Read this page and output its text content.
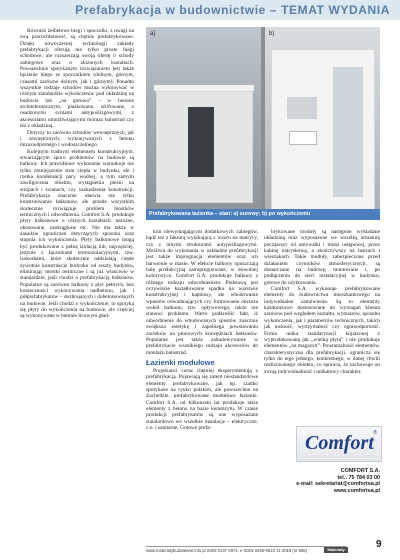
Prefabrykacja w budownictwie – TEMAT WYDANIA

Również żelbetowe biegi i spoczniki, z uwagi na swą pracochłonność, są chętnie prefabrykowane. Dzięki nowoczesnej technologii zakłady prefabrykacji oferują nie tylko proste biegi schodowe, ale rozszerzają swoją ofertę o schody zabiegowe oraz o złożonych kształtach. Powszechnie spotykanym rozwiązaniem jest także łączenie biegu ze spocznikiem (dolnym, górnym, czasami zarówno dolnym, jak i górnym). Ponadto wszystkie rodzaje schodów można wykonywać w różnym standardzie wykończenia: pod okładzinę na budowie lub „na gotowo” – w betonie architektonicznym, piaskowane, szlifowane, z osadzonymi syntami antypoślizgowymi, z akcesoriami umożliwiającymi montaż balustrad czy też z okładziną.

Dotyczy to zarówno schodów wewnętrznych, jak i zewnętrznych, wykonywanych z betonu mrozoodpornego i wodoszczelnego.

Kolejnym tradnym elementem konstrukcyjnym, stwarzającym sporo problemów na budowie są balkony. Ich prawidłowe wykonanie warunkuje nie tylko zmniejszenie strat ciepła w budynku, ale i rzetka kondensacji pary wodnej, a tym samym zawilgocenia obiektu, wystąpienia pleśni na stropach i ścianach, czy uszkodzenia konstrukcji. Prefabrykacja znacznie ułatwia nie tylko konstruowanie balkonów, ale przede wszystkim skutecznie rozwiązuje problem mostków termicznych i odwodnienia. Comfort S.A. produkuje płyty balkonowe o różnych kształtach: narożne, ukosowane, zaokrąglone etc. Nie ma także w zasadzie ograniczeń dotyczących sposobu oraz stopnia ich wykończenia. Płyty balkonowe mogą być produkowane z pełną izolacją lub, najczęściej, jedynie z łącznikami termoizolacyjnymi, tzw. isokorbami, które skutecznie oddzielają ciepłe żywotnie konstrukcje budynku od reszty budynku, eliminując mostki termiczne i są już właściwie w standardzie, jeśli chodzi o prefabrykację balkonów. Popularne są zarówno balkony z płyt pełnych, bez konieczności wykonywania nadbetonu, jak i półprefabrykatów – dozbrajanych i dobetonowanych na budowie. Jeśli chodzi o wykończenie, to spotyka się płyty do wykończenia na budowie, ale częściej są wykonywane w betonie licowym gład-

a)	b)
Prefabrykowana łazienka – stan: a) surowy; b) po wykończeniu

kim niewymagającym dodatkowych zabiegów, bądź też z fakturą wynikającą z wzoru na matrycy, czy z innymi strukturami antypoślizgowymi. Możliwa do wykonania w zakładzie prefabrykacji jest także impregnacja elementów oraz ich barwienie w masie. W efekcie balkony opuszczają halę produkcyjną zaimpregnowane, w dowolnej kolorystyce. Comfort S.A. produkuje balkony z różnego rodzaju odwodnieniem. Podstawą jest oczywiście kształtowanie spadku na warstwie konstrukcyjnej i kapinosy, ale wbudowanie wpustów odwadniających czy formowanie obrzeża wokół balkonu, tzw. opływowego, także nie stanowi problemu. Warto podkreślić fakt, iż odwodnienie do wbudowanych spustów znacznie zwiększa estetykę i zapobiega powstawaniu zacieków na pionowych krawędziach balkonów. Popularne jest także zabudowywanie w prefabrykacie wszelkiego rodzaju akcesoriów do montażu balustrad.

Łazienki modułowe

Projektanci coraz chętniej eksperymentują z prefabrykacją. Pojawiają się zatem niestandardowe elementy prefabrykowane, jak np. rzadko spotykane na rynku polskim, ale powszechne na Zachodzie, prefabrykowane modułowe łazienki. Comfort S.A. od kilkunastu lat produkuje takie elementy z betonu na bazie keramzytu. W czasie produkcji prefabrykatów są one wyposażane standardowo we wszelkie instalacje – elektryczne, c.o. i sanitarne. Gotowe prefa-

brykowane moduły są następnie wykładane okładziną oraz wyposażone we wszelką armaturę począwszy od umywalki i miski ustępowej, przez kabinę natryskową, a skończywszy na lustrach i wieszakach. Takie moduły, zabezpieczone przed działaniem czynników atmosferycznych, są dostarczane na budowę, montowane i, po podłączeniu do sieci instalacyjnej w budynku, gotowe do użytkowania.

Comfort S.A. wykonuje prefabrykowane elementy do budownictwa mieszkaniowego na indywidualne zamówienie. Są to elementy każdorazowo dostosowane do wymagań klienta zarówno pod względem kształtu, wymiarów, sposobu wykończenia, jak i parametrów technicznych, takich jak nośność, wytrzymałość czy ognioodporność. Firma unika standaryzacji kojarzonej z wyprodukowaną jak „wielką płytą” i nie produkuje elementów „na magazyn”. Powtarzalność elementów, charakterystyczna dla prefabrykacji, ogranicza się tylko do tego jednego, konkretnego, w danej chwili realizowanego obiektu, co sprawia, że zachowuje on swoją indywidualność i unikatowy charakter.

Comfort ®
COMFORT S.A.
tel.: 75 784 03 00
e-mail: sekretariat@comfortsa.pl
www.comfortsa.pl
www.materialybudowlane.info.pl ISSN 0137-2971, e-ISSN 2449-951X 11 2018 (nr 555)	Materiały	9
